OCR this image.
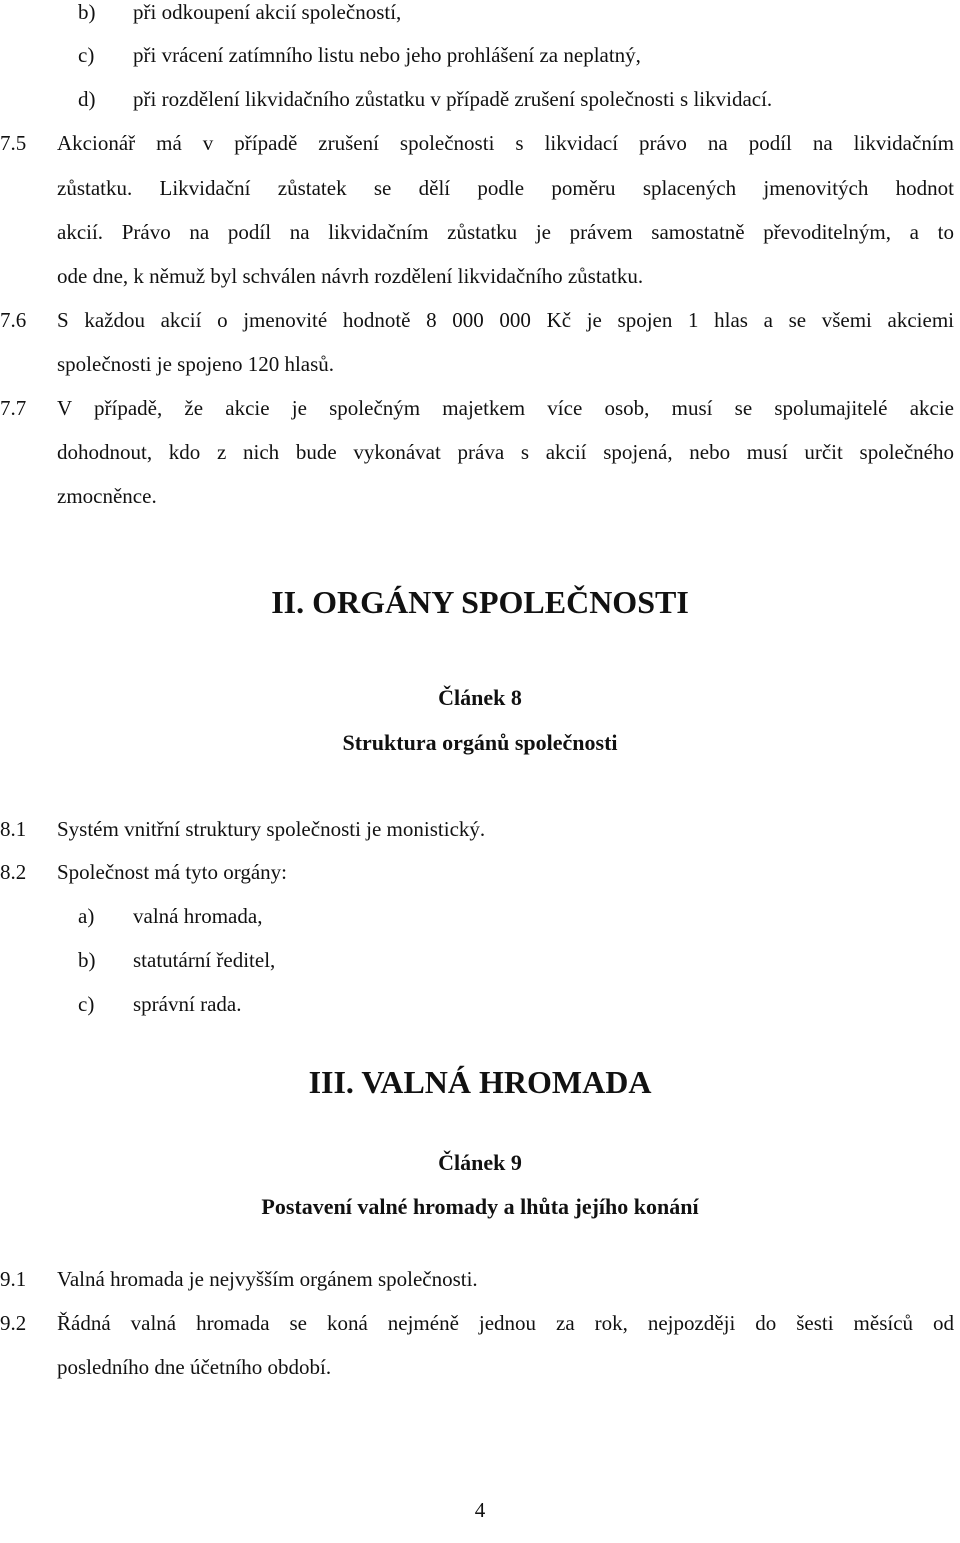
b) při odkoupení akcií společností,
c) při vrácení zatímního listu nebo jeho prohlášení za neplatný,
d) při rozdělení likvidačního zůstatku v případě zrušení společnosti s likvidací.
7.5 Akcionář má v případě zrušení společnosti s likvidací právo na podíl na likvidačním
zůstatku. Likvidační zůstatek se dělí podle poměru splacených jmenovitých hodnot
akcií. Právo na podíl na likvidačním zůstatku je právem samostatně převoditelným, a to
ode dne, k němuž byl schválen návrh rozdělení likvidačního zůstatku.
7.6 S každou akcií o jmenovité hodnotě 8 000 000 Kč je spojen 1 hlas a se všemi akciemi
společnosti je spojeno 120 hlasů.
7.7 V případě, že akcie je společným majetkem více osob, musí se spolumajitelé akcie
dohodnout, kdo z nich bude vykonávat práva s akcií spojená, nebo musí určit společného
zmocněnce.
II. ORGÁNY SPOLEČNOSTI
Článek 8
Struktura orgánů společnosti
8.1 Systém vnitřní struktury společnosti je monistický.
8.2 Společnost má tyto orgány:
a) valná hromada,
b) statutární ředitel,
c) správní rada.
III. VALNÁ HROMADA
Článek 9
Postavení valné hromady a lhůta jejího konání
9.1 Valná hromada je nejvyšším orgánem společnosti.
9.2 Řádná valná hromada se koná nejméně jednou za rok, nejpozději do šesti měsíců od
posledního dne účetního období.
4
